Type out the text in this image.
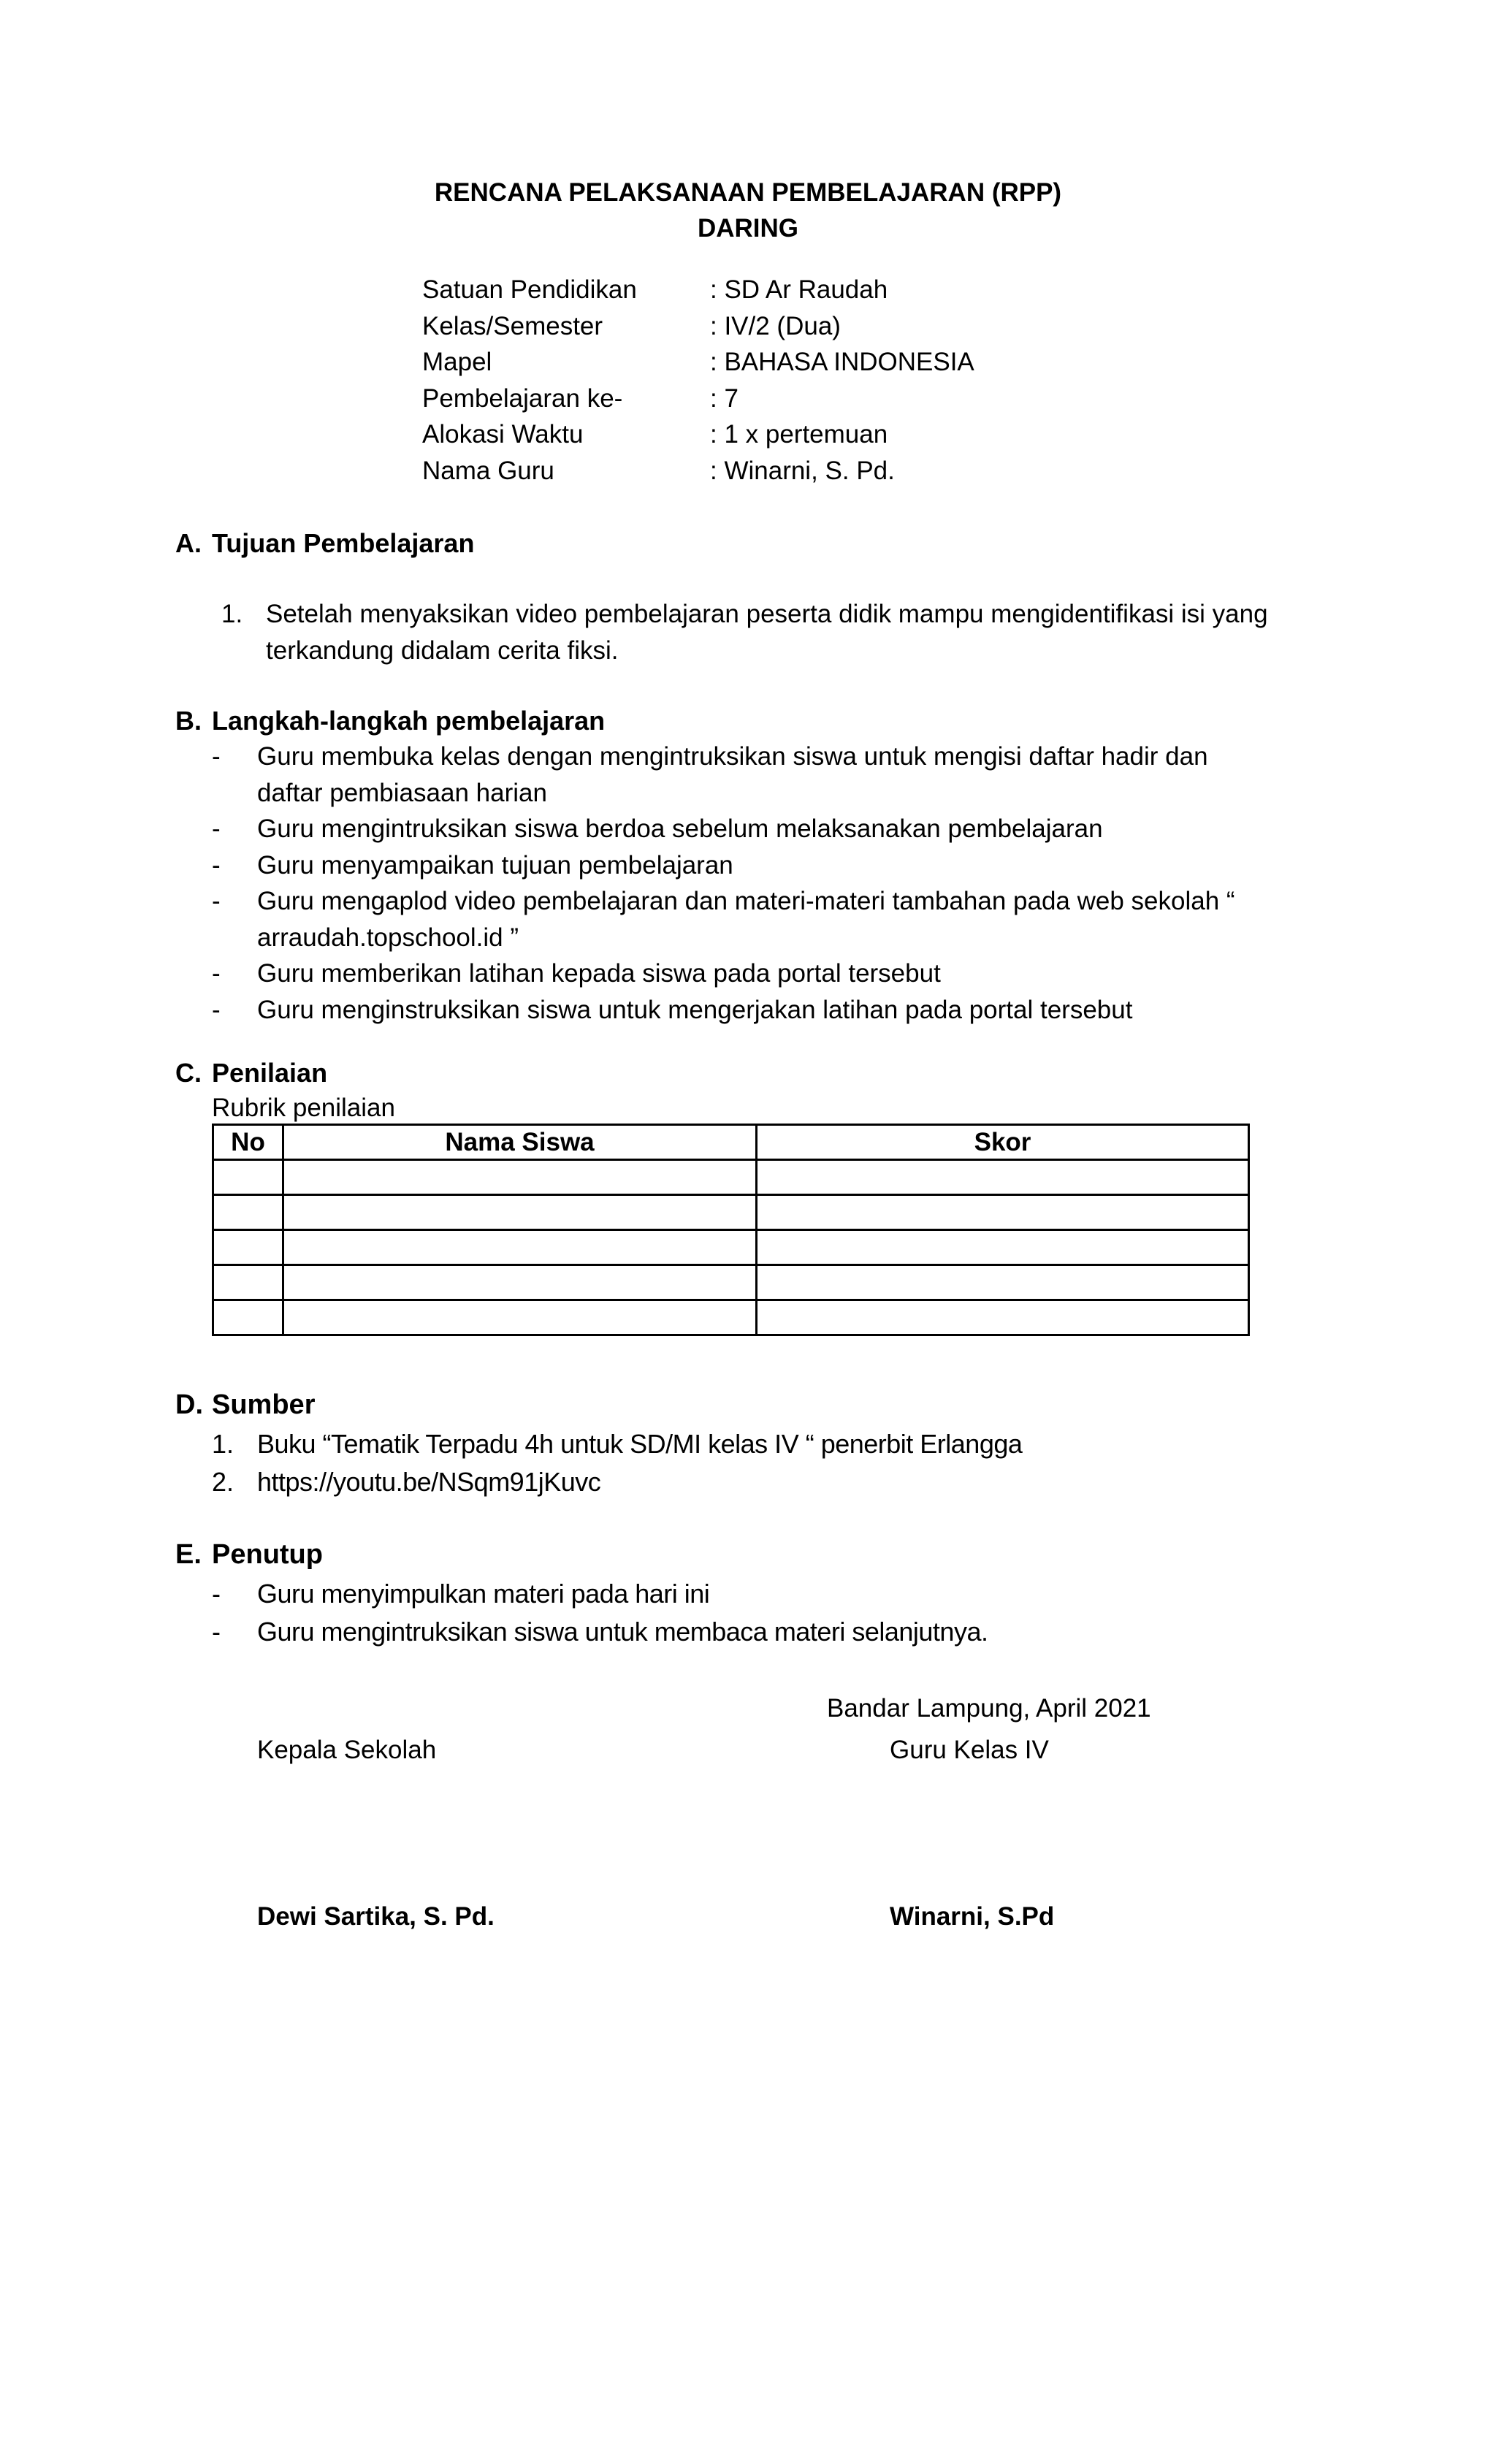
RENCANA PELAKSANAAN PEMBELAJARAN (RPP)
DARING
Satuan Pendidikan	: SD Ar Raudah
Kelas/Semester	: IV/2 (Dua)
Mapel	: BAHASA INDONESIA
Pembelajaran ke-	: 7
Alokasi Waktu	: 1 x pertemuan
Nama Guru	: Winarni, S. Pd.
A. Tujuan Pembelajaran
1. Setelah menyaksikan video pembelajaran peserta didik mampu mengidentifikasi isi yang
terkandung didalam cerita fiksi.
B. Langkah-langkah pembelajaran
- Guru membuka kelas dengan mengintruksikan siswa untuk mengisi daftar hadir dan
daftar pembiasaan harian
- Guru mengintruksikan siswa berdoa sebelum melaksanakan pembelajaran
- Guru menyampaikan tujuan pembelajaran
- Guru mengaplod video pembelajaran dan materi-materi tambahan pada web sekolah “
arraudah.topschool.id ”
- Guru memberikan latihan kepada siswa pada portal tersebut
- Guru menginstruksikan siswa untuk mengerjakan latihan pada portal tersebut
C. Penilaian
Rubrik penilaian
No	Nama Siswa	Skor

D. Sumber
1. Buku “Tematik Terpadu 4h untuk SD/MI kelas IV “ penerbit Erlangga
2. https://youtu.be/NSqm91jKuvc
E. Penutup
- Guru menyimpulkan materi pada hari ini
- Guru mengintruksikan siswa untuk membaca materi selanjutnya.
Bandar Lampung, April 2021
Kepala Sekolah	Guru Kelas IV
Dewi Sartika, S. Pd.	Winarni, S.Pd
